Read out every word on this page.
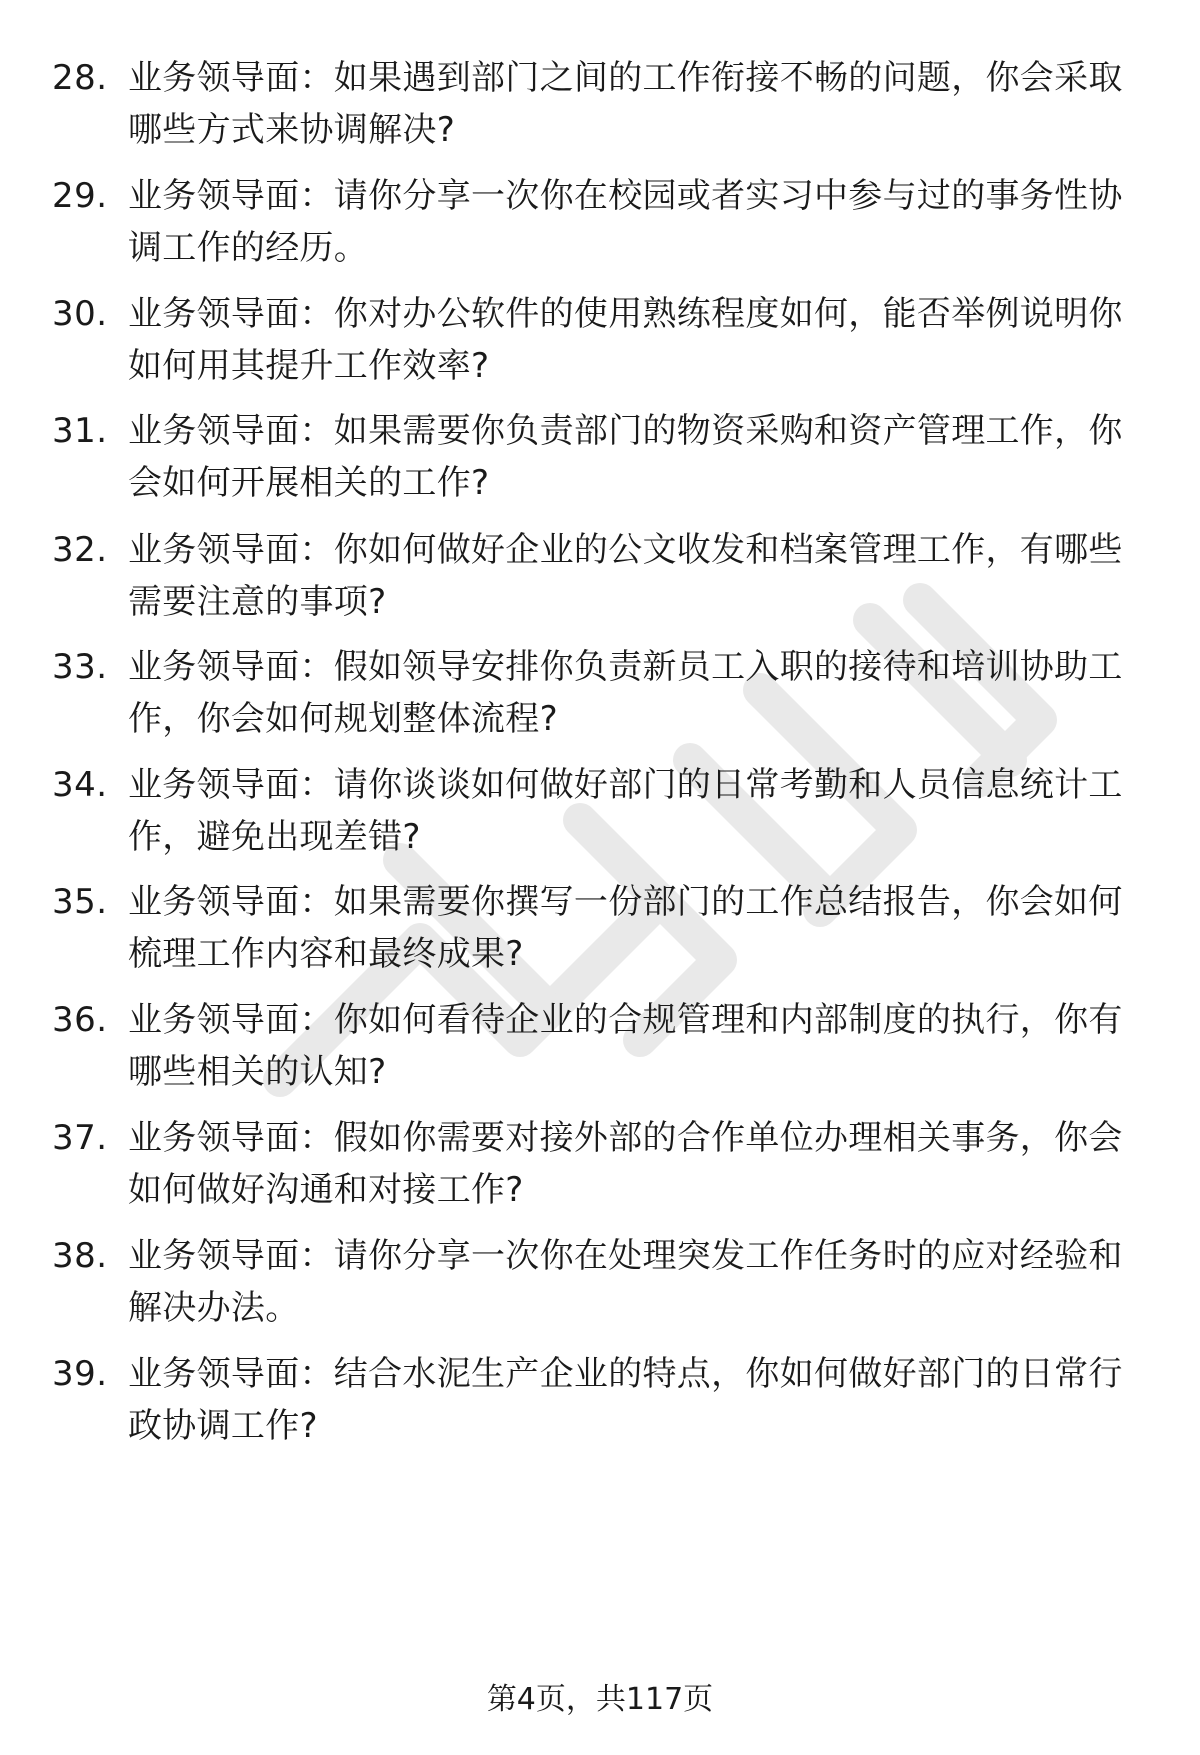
28. 业务领导面：如果遇到部门之间的工作衔接不畅的问题，你会采取哪些方式来协调解决?

29. 业务领导面：请你分享一次你在校园或者实习中参与过的事务性协调工作的经历。

30. 业务领导面：你对办公软件的使用熟练程度如何，能否举例说明你如何用其提升工作效率?

31. 业务领导面：如果需要你负责部门的物资采购和资产管理工作，你会如何开展相关的工作?

32. 业务领导面：你如何做好企业的公文收发和档案管理工作，有哪些需要注意的事项?

33. 业务领导面：假如领导安排你负责新员工入职的接待和培训协助工作，你会如何规划整体流程?

34. 业务领导面：请你谈谈如何做好部门的日常考勤和人员信息统计工作，避免出现差错?

35. 业务领导面：如果需要你撰写一份部门的工作总结报告，你会如何梳理工作内容和最终成果?

36. 业务领导面：你如何看待企业的合规管理和内部制度的执行，你有哪些相关的认知?

37. 业务领导面：假如你需要对接外部的合作单位办理相关事务，你会如何做好沟通和对接工作?

38. 业务领导面：请你分享一次你在处理突发工作任务时的应对经验和解决办法。

39. 业务领导面：结合水泥生产企业的特点，你如何做好部门的日常行政协调工作?

第4页，共117页
